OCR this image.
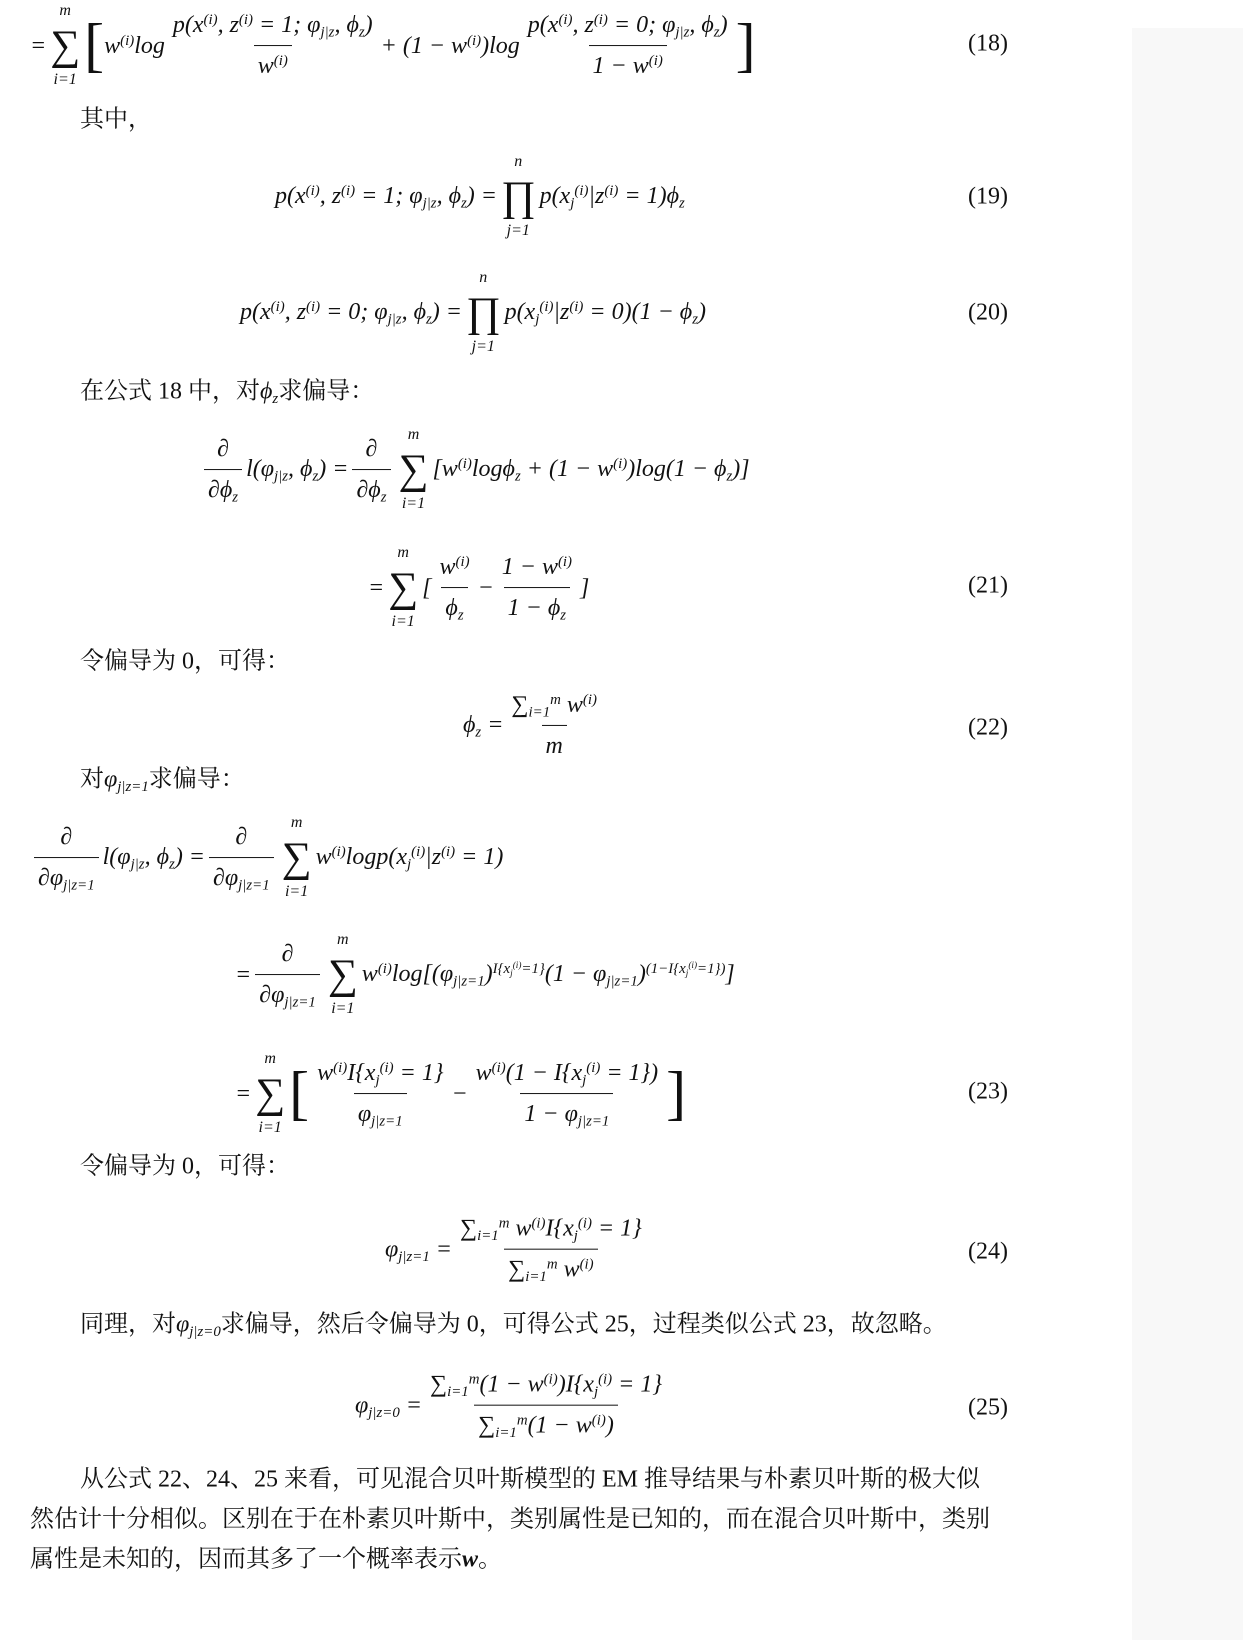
=
m
∑
i=1
[ $w^{(i)}\log \frac{p(x^{(i)}, z^{(i)} = 1; \varphi_{j|z}, \phi_z)}{w^{(i)}} + (1 - w^{(i)})\log \frac{p(x^{(i)}, z^{(i)} = 0; \varphi_{j|z}, \phi_z)}{1 - w^{(i)}}$ ]	(18)
其中，
$p(x^{(i)}$, $z^{(i)} = 1$; $\varphi_{j|z}$, $\phi_z$) =
n
∏
j=1
$p(x_j^{(i)}|z^{(i)} = 1)\phi_z$	(19)
$p(x^{(i)}$, $z^{(i)} = 0$; $\varphi_{j|z}$, $\phi_z$) =
n
∏
j=1
$p(x_j^{(i)}|z^{(i)} = 0)(1 - \phi_z)$	(20)
在公式 18 中，对$\phi_z$求偏导：
$\frac{\partial}{\partial\phi_z} l(\varphi_{j|z}$, $\phi_z) = \frac{\partial}{\partial\phi_z}$
m
∑
i=1
$[w^{(i)}\log\phi_z + (1 - w^{(i)})\log(1 - \phi_z)]$
=
m
∑
i=1
[ $\frac{w^{(i)}}{\phi_z} - \frac{1 - w^{(i)}}{1 - \phi_z}$ ]	(21)
令偏导为 0，可得：
$\phi_z = \frac{\sum_{i=1}^m w^{(i)}}{m}$	(22)
对$\varphi_{j|z=1}$求偏导：
$\frac{\partial}{\partial\varphi_{j|z=1}} l(\varphi_{j|z}$, $\phi_z) = \frac{\partial}{\partial\varphi_{j|z=1}}$
m
∑
i=1
$w^{(i)}\log p(x_j^{(i)}|z^{(i)} = 1)$
= $\frac{\partial}{\partial\varphi_{j|z=1}}$
m
∑
i=1
$w^{(i)}\log[(\varphi_{j|z=1})^{I\{x_j^{(i)}=1\}}(1 - \varphi_{j|z=1})^{(1-I\{x_j^{(i)}=1\})}]$
=
m
∑
i=1
[ $\frac{w^{(i)}I\{x_j^{(i)} = 1\}}{\varphi_{j|z=1}} - \frac{w^{(i)}(1 - I\{x_j^{(i)} = 1\})}{1 - \varphi_{j|z=1}}$ ]	(23)
令偏导为 0，可得：
$\varphi_{j|z=1} = \frac{\sum_{i=1}^m w^{(i)}I\{x_j^{(i)} = 1\}}{\sum_{i=1}^m w^{(i)}}$	(24)
同理，对$\varphi_{j|z=0}$求偏导，然后令偏导为 0，可得公式 25，过程类似公式 23，故忽略。
$\varphi_{j|z=0} = \frac{\sum_{i=1}^m(1 - w^{(i)})I\{x_j^{(i)} = 1\}}{\sum_{i=1}^m(1 - w^{(i)})}$	(25)
从公式 22、24、25 来看，可见混合贝叶斯模型的 EM 推导结果与朴素贝叶斯的极大似
然估计十分相似。区别在于在朴素贝叶斯中，类别属性是已知的，而在混合贝叶斯中，类别
属性是未知的，因而其多了一个概率表示w。
